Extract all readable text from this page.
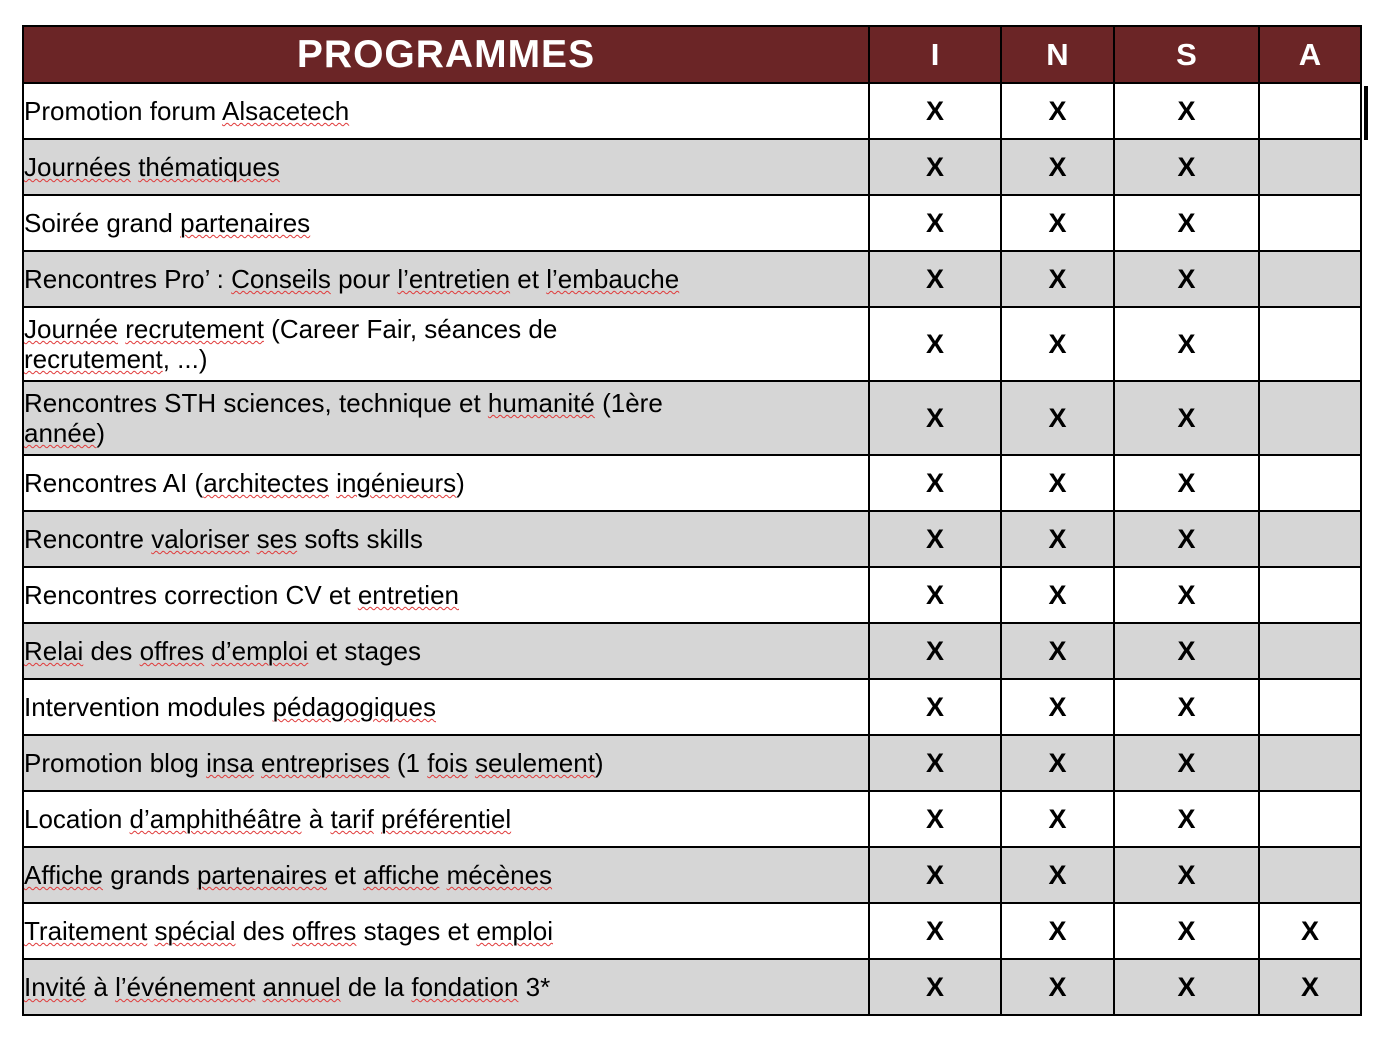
PROGRAMMES	I	N	S	A
Promotion forum Alsacetech	X	X	X	
Journées thématiques	X	X	X	
Soirée grand partenaires	X	X	X	
Rencontres Pro’ : Conseils pour l’entretien et l’embauche	X	X	X	
Journée recrutement (Career Fair, séances de
recrutement, ...)	X	X	X	
Rencontres STH sciences, technique et humanité (1ère
année)	X	X	X	
Rencontres AI (architectes ingénieurs)	X	X	X	
Rencontre valoriser ses softs skills	X	X	X	
Rencontres correction CV et entretien	X	X	X	
Relai des offres d’emploi et stages	X	X	X	
Intervention modules pédagogiques	X	X	X	
Promotion blog insa entreprises (1 fois seulement)	X	X	X	
Location d’amphithéâtre à tarif préférentiel	X	X	X	
Affiche grands partenaires et affiche mécènes	X	X	X	
Traitement spécial des offres stages et emploi	X	X	X	X
Invité à l’événement annuel de la fondation 3*	X	X	X	X
